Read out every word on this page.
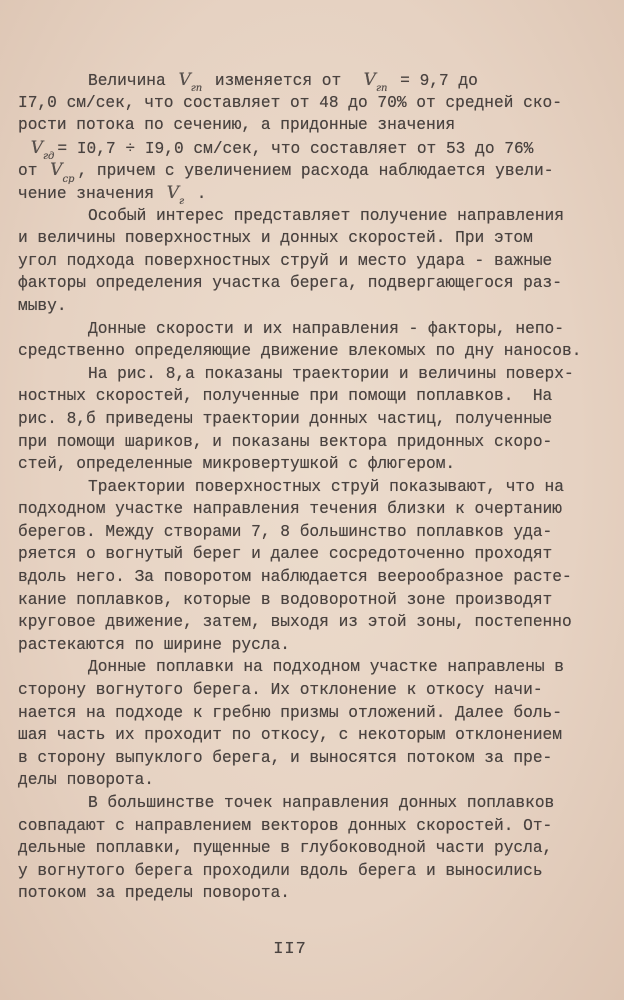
Величина $V_{гп}$ изменяется от  $V_{гп} = 9,7$ до
I7,0 см/сек, что составляет от 48 до 70% от средней ско-
рости потока по сечению, а придонные значения
$V_{гд} = I0,7 \div I9,0$ см/сек, что составляет от 53 до 76%
от $V_{ср}$ , причем с увеличением расхода наблюдается увели-
чение значения $V_г$ .
Особый интерес представляет получение направления
и величины поверхностных и донных скоростей. При этом
угол подхода поверхностных струй и место удара - важные
факторы определения участка берега, подвергающегося раз-
мыву.
Донные скорости и их направления - факторы, непо-
средственно определяющие движение влекомых по дну наносов.
На рис. 8,а показаны траектории и величины поверх-
ностных скоростей, полученные при помощи поплавков.  На
рис. 8,б приведены траектории донных частиц, полученные
при помощи шариков, и показаны вектора придонных скоро-
стей, определенные микровертушкой с флюгером.
Траектории поверхностных струй показывают, что на
подходном участке направления течения близки к очертанию
берегов. Между створами 7, 8 большинство поплавков уда-
ряется о вогнутый берег и далее сосредоточенно проходят
вдоль него. За поворотом наблюдается веерообразное расте-
кание поплавков, которые в водоворотной зоне производят
круговое движение, затем, выходя из этой зоны, постепенно
растекаются по ширине русла.
Донные поплавки на подходном участке направлены в
сторону вогнутого берега. Их отклонение к откосу начи-
нается на подходе к гребню призмы отложений. Далее боль-
шая часть их проходит по откосу, с некоторым отклонением
в сторону выпуклого берега, и выносятся потоком за пре-
делы поворота.
В большинстве точек направления донных поплавков
совпадают с направлением векторов донных скоростей. От-
дельные поплавки, пущенные в глубоководной части русла,
у вогнутого берега проходили вдоль берега и выносились
потоком за пределы поворота.
II7
